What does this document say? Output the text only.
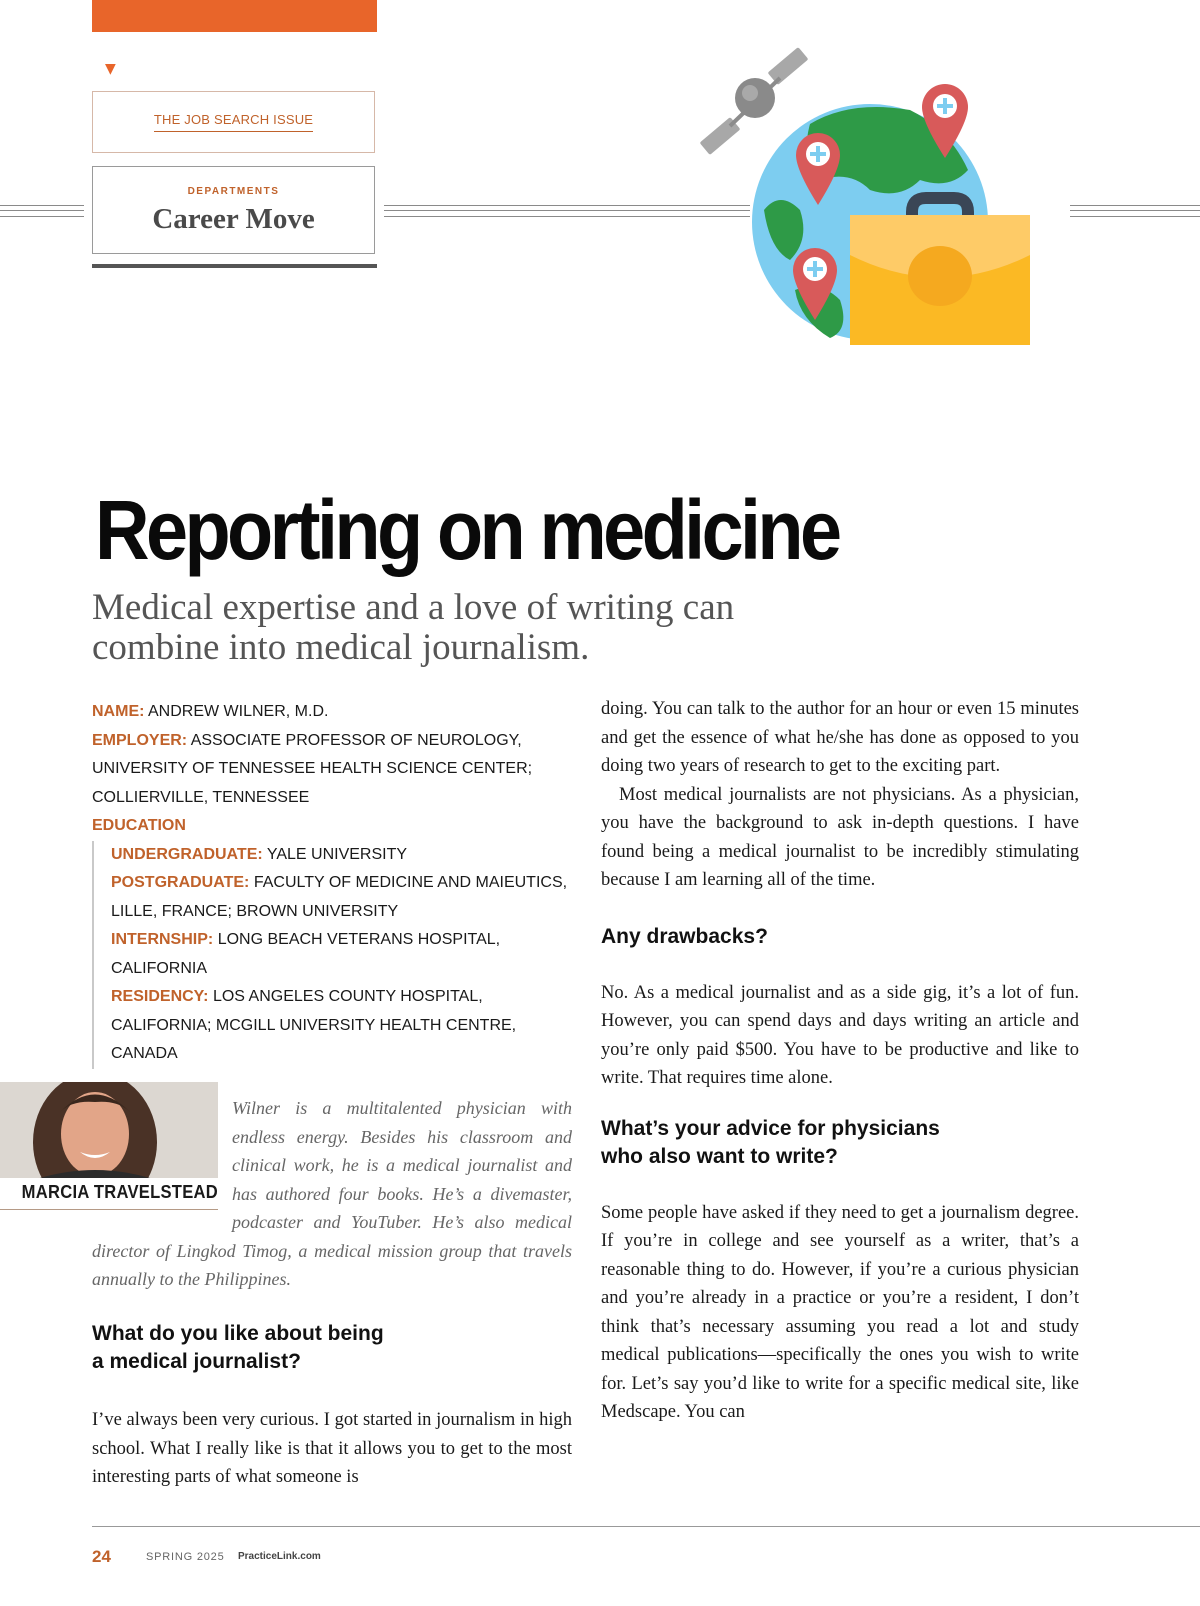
▼
THE JOB SEARCH ISSUE
DEPARTMENTS
Career Move
Reporting on medicine
Medical expertise and a love of writing can
combine into medical journalism.
NAME: ANDREW WILNER, M.D.
EMPLOYER: ASSOCIATE PROFESSOR OF NEUROLOGY, UNIVERSITY OF TENNESSEE HEALTH SCIENCE CENTER; COLLIERVILLE, TENNESSEE
EDUCATION
UNDERGRADUATE: YALE UNIVERSITY
POSTGRADUATE: FACULTY OF MEDICINE AND MAIEUTICS, LILLE, FRANCE; BROWN UNIVERSITY
INTERNSHIP: LONG BEACH VETERANS HOSPITAL, CALIFORNIA
RESIDENCY: LOS ANGELES COUNTY HOSPITAL, CALIFORNIA; MCGILL UNIVERSITY HEALTH CENTRE, CANADA
MARCIA TRAVELSTEAD
Wilner is a multitalented physician with endless energy. Besides his classroom and clinical work, he is a medical journalist and has authored four books. He’s a divemaster, podcaster and YouTuber. He’s also medical director of Lingkod Timog, a medical mission group that travels annually to the Philippines.
What do you like about being
a medical journalist?

I’ve always been very curious. I got started in journalism in high school. What I really like is that it allows you to get to the most interesting parts of what someone is

doing. You can talk to the author for an hour or even 15 minutes and get the essence of what he/she has done as opposed to you doing two years of research to get to the exciting part.

Most medical journalists are not physicians. As a physician, you have the background to ask in-depth questions. I have found being a medical journalist to be incredibly stimulating because I am learning all of the time.

Any drawbacks?

No. As a medical journalist and as a side gig, it’s a lot of fun. However, you can spend days and days writing an article and you’re only paid $500. You have to be productive and like to write. That requires time alone.

What’s your advice for physicians
who also want to write?

Some people have asked if they need to get a journalism degree. If you’re in college and see yourself as a writer, that’s a reasonable thing to do. However, if you’re a curious physician and you’re already in a practice or you’re a resident, I don’t think that’s necessary assuming you read a lot and study medical publications—specifically the ones you wish to write for. Let’s say you’d like to write for a specific medical site, like Medscape. You can

24	SPRING 2025 PracticeLink.com
